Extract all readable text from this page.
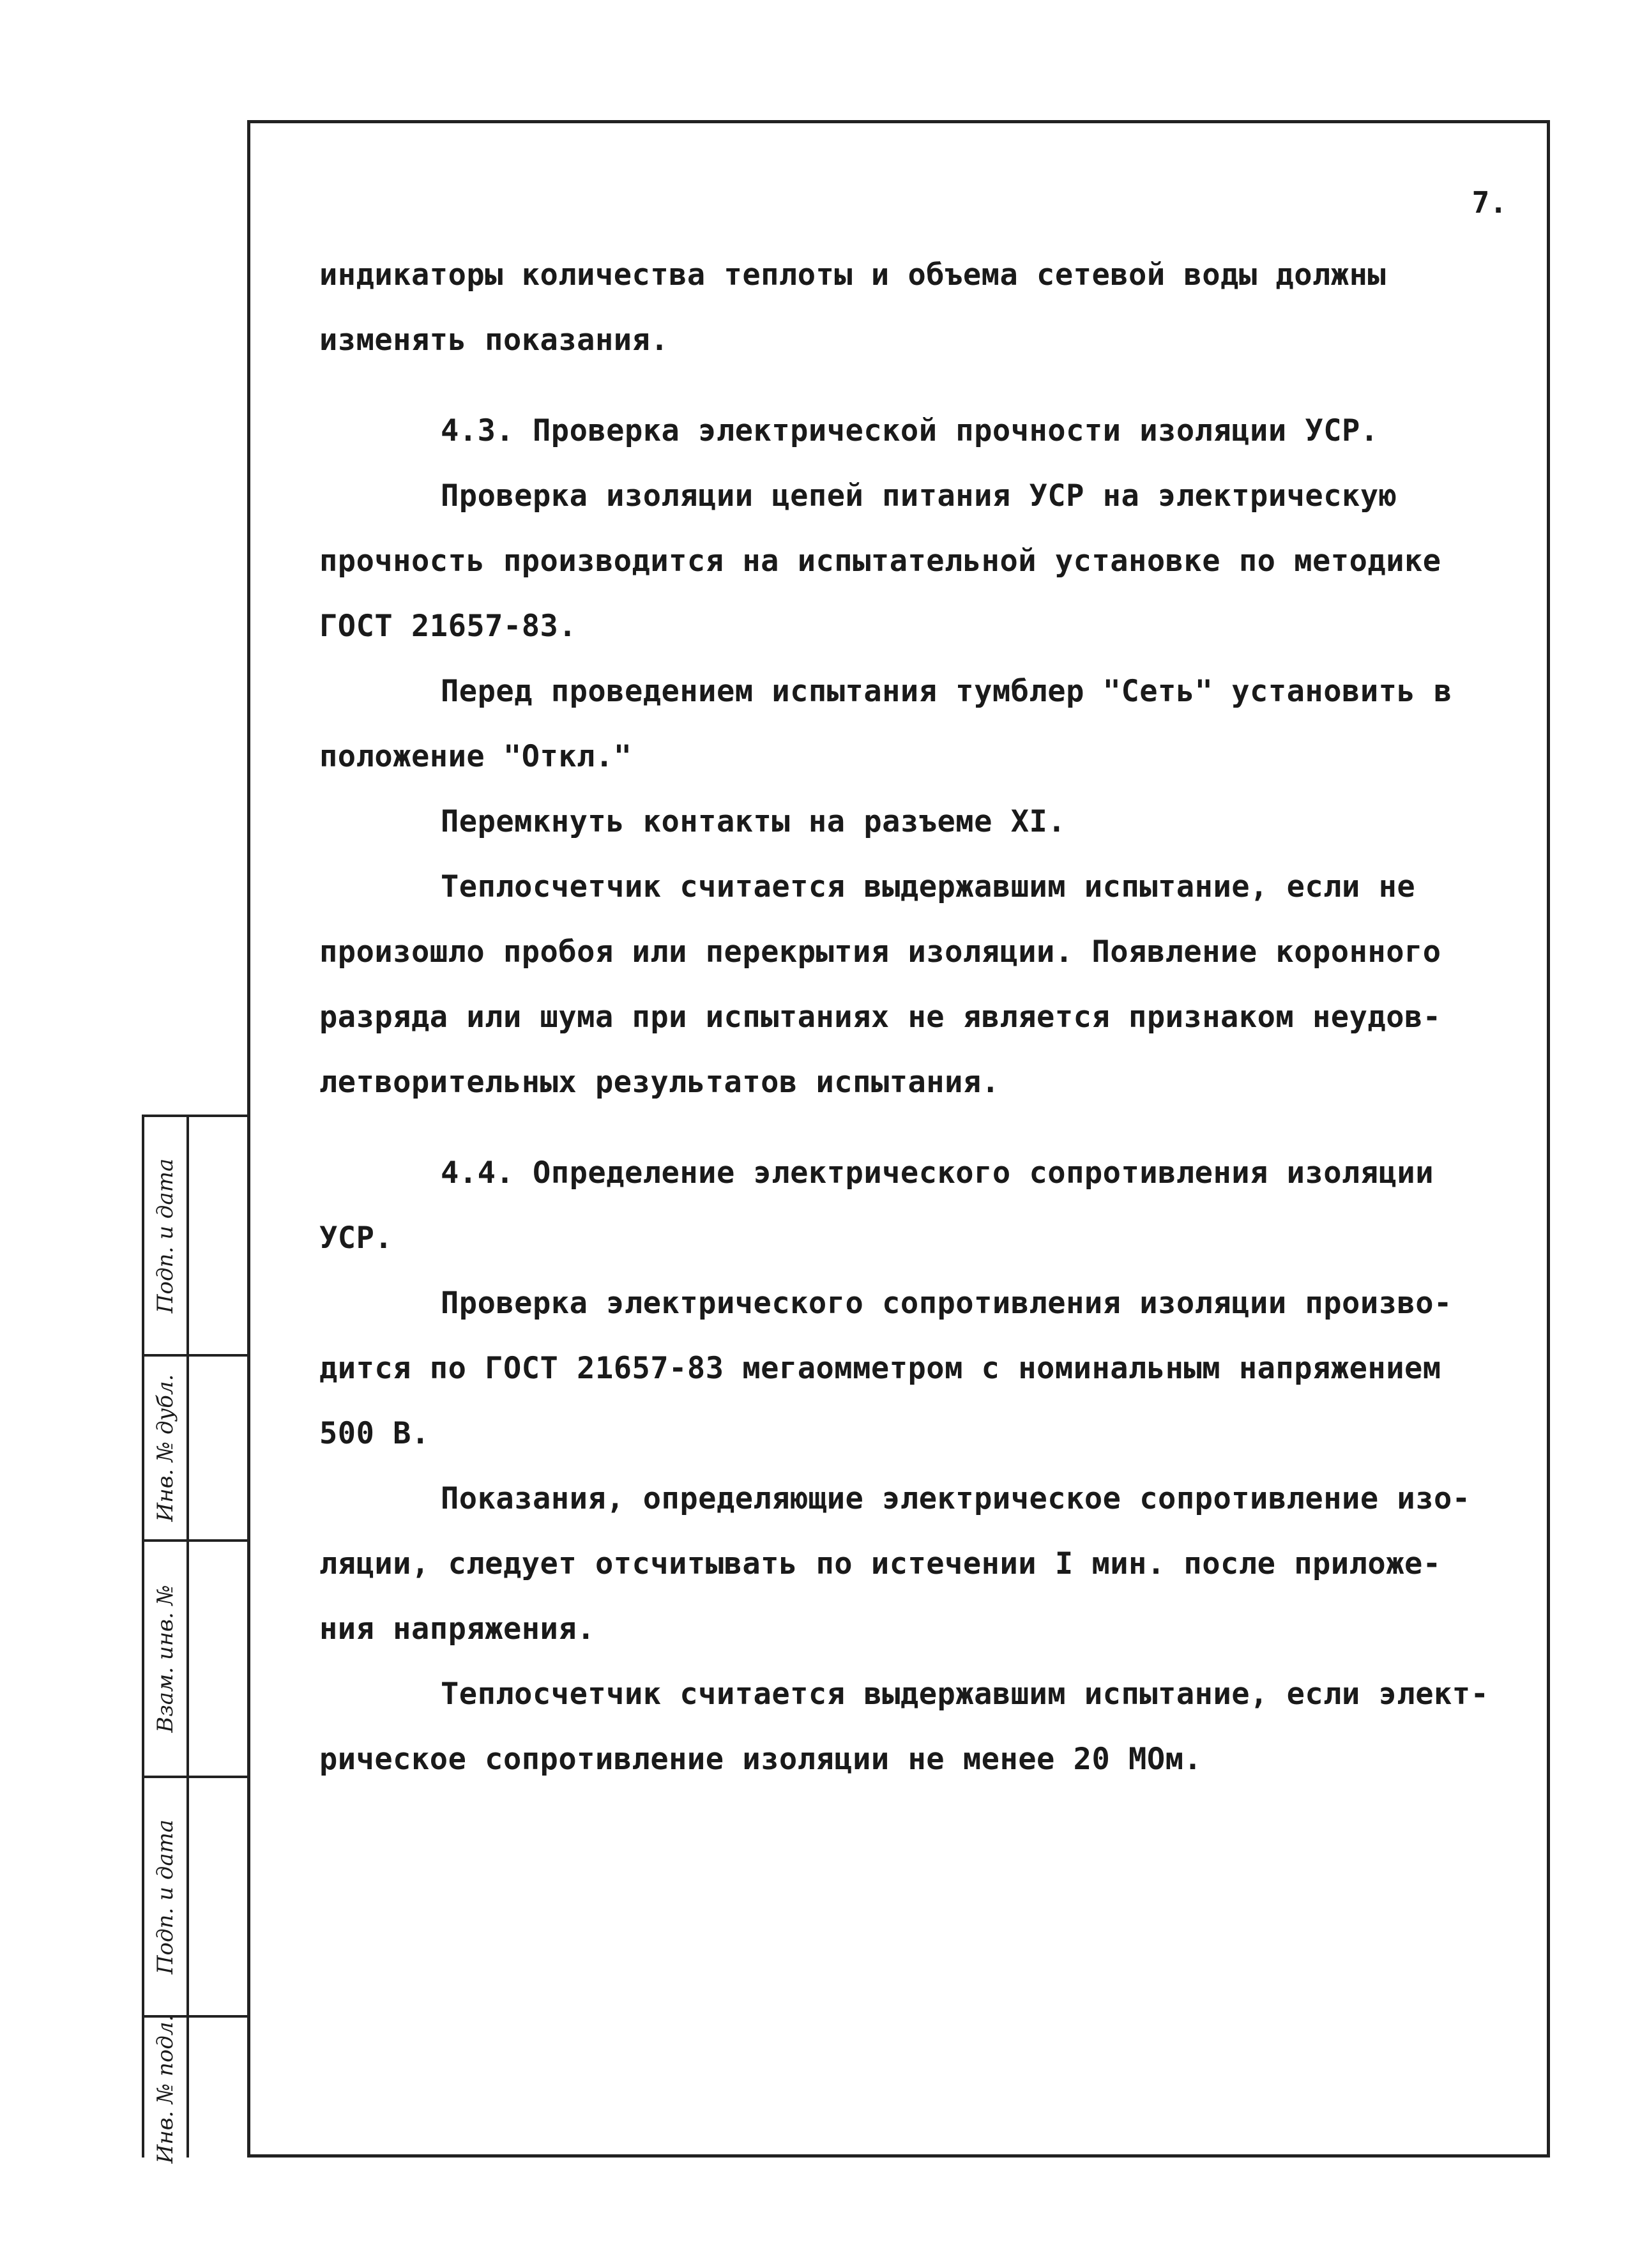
7.
индикаторы количества теплоты и объема сетевой воды должны
изменять показания.
4.3. Проверка электрической прочности изоляции УСР.
Проверка изоляции цепей питания УСР на электрическую
прочность производится на испытательной установке по методике
ГОСТ 21657-83.
Перед проведением испытания тумблер "Сеть" установить в
положение "Откл."
Перемкнуть контакты на разъеме XI.
Теплосчетчик считается выдержавшим испытание, если не
произошло пробоя или перекрытия изоляции. Появление коронного
разряда или шума при испытаниях не является признаком неудов-
летворительных результатов испытания.
4.4. Определение электрического сопротивления изоляции
УСР.
Проверка электрического сопротивления изоляции произво-
дится по ГОСТ 21657-83 мегаомметром с номинальным напряжением
500 В.
Показания, определяющие электрическое сопротивление изо-
ляции, следует отсчитывать по истечении I мин. после приложе-
ния напряжения.
Теплосчетчик считается выдержавшим испытание, если элект-
рическое сопротивление изоляции не менее 20 МОм.
Подп. и дата
Инв. № дубл.
Взам. инв. №
Подп. и дата
Инв. № подл.
